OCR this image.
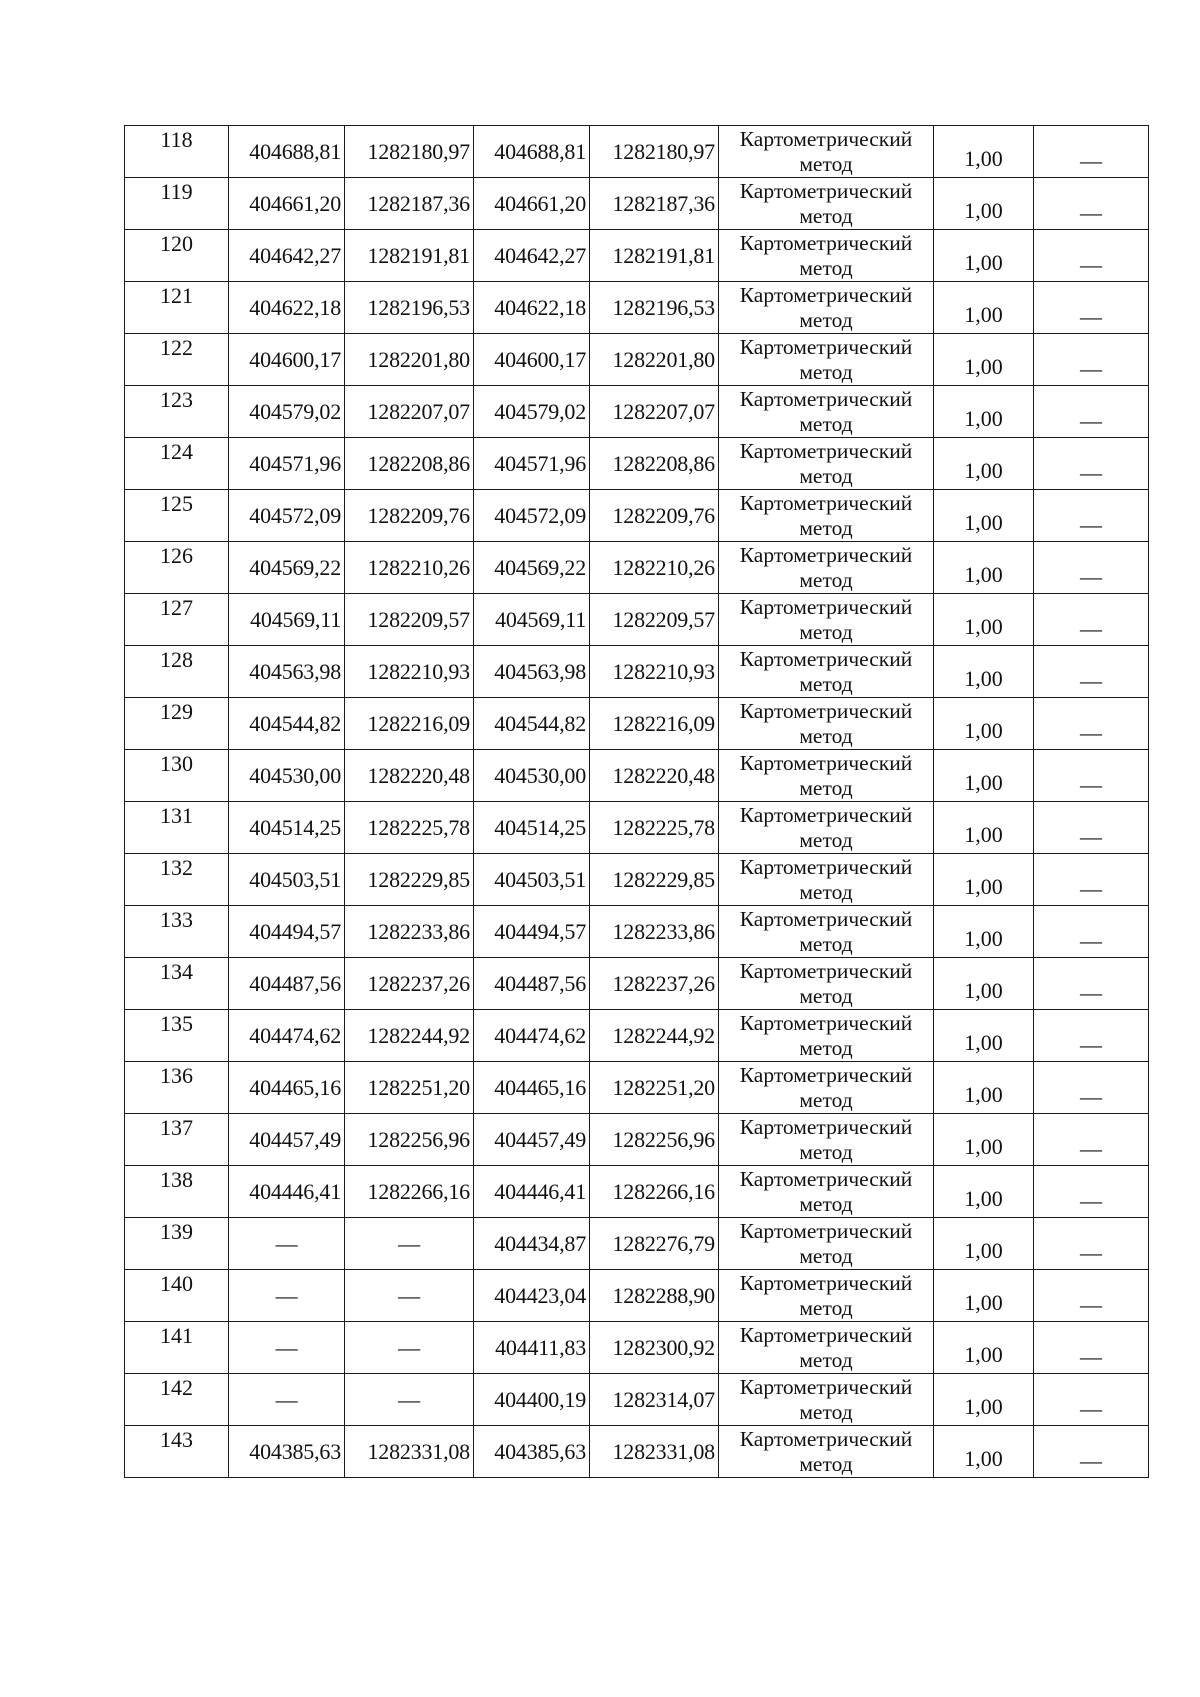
118	404688,81	1282180,97	404688,81	1282180,97	Картометрический
метод	1,00	—
119	404661,20	1282187,36	404661,20	1282187,36	Картометрический
метод	1,00	—
120	404642,27	1282191,81	404642,27	1282191,81	Картометрический
метод	1,00	—
121	404622,18	1282196,53	404622,18	1282196,53	Картометрический
метод	1,00	—
122	404600,17	1282201,80	404600,17	1282201,80	Картометрический
метод	1,00	—
123	404579,02	1282207,07	404579,02	1282207,07	Картометрический
метод	1,00	—
124	404571,96	1282208,86	404571,96	1282208,86	Картометрический
метод	1,00	—
125	404572,09	1282209,76	404572,09	1282209,76	Картометрический
метод	1,00	—
126	404569,22	1282210,26	404569,22	1282210,26	Картометрический
метод	1,00	—
127	404569,11	1282209,57	404569,11	1282209,57	Картометрический
метод	1,00	—
128	404563,98	1282210,93	404563,98	1282210,93	Картометрический
метод	1,00	—
129	404544,82	1282216,09	404544,82	1282216,09	Картометрический
метод	1,00	—
130	404530,00	1282220,48	404530,00	1282220,48	Картометрический
метод	1,00	—
131	404514,25	1282225,78	404514,25	1282225,78	Картометрический
метод	1,00	—
132	404503,51	1282229,85	404503,51	1282229,85	Картометрический
метод	1,00	—
133	404494,57	1282233,86	404494,57	1282233,86	Картометрический
метод	1,00	—
134	404487,56	1282237,26	404487,56	1282237,26	Картометрический
метод	1,00	—
135	404474,62	1282244,92	404474,62	1282244,92	Картометрический
метод	1,00	—
136	404465,16	1282251,20	404465,16	1282251,20	Картометрический
метод	1,00	—
137	404457,49	1282256,96	404457,49	1282256,96	Картометрический
метод	1,00	—
138	404446,41	1282266,16	404446,41	1282266,16	Картометрический
метод	1,00	—
139	—	—	404434,87	1282276,79	Картометрический
метод	1,00	—
140	—	—	404423,04	1282288,90	Картометрический
метод	1,00	—
141	—	—	404411,83	1282300,92	Картометрический
метод	1,00	—
142	—	—	404400,19	1282314,07	Картометрический
метод	1,00	—
143	404385,63	1282331,08	404385,63	1282331,08	Картометрический
метод	1,00	—
